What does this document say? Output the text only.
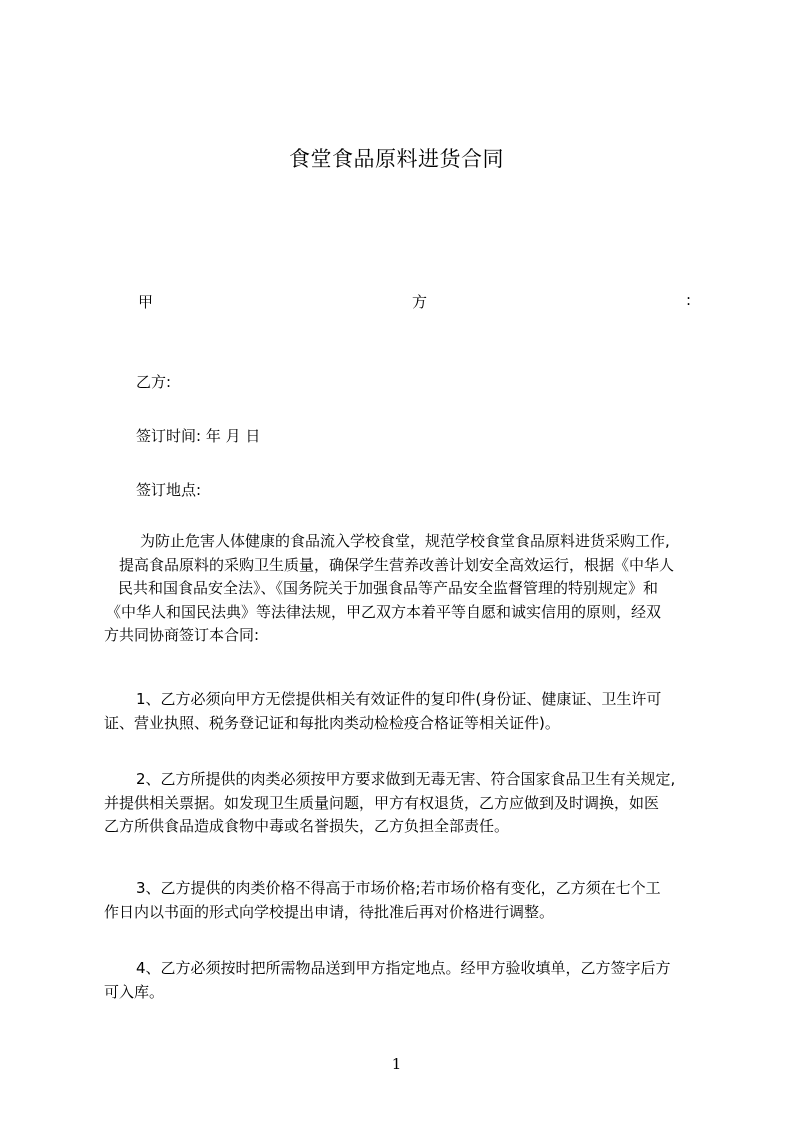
食堂食品原料进货合同
甲	方	:
乙方:
签订时间: 年 月 日
签订地点:
为防止危害人体健康的食品流入学校食堂，规范学校食堂食品原料进货采购工作,
提高食品原料的采购卫生质量，确保学生营养改善计划安全高效运行，根据《中华人
民共和国食品安全法》、《国务院关于加强食品等产品安全监督管理的特别规定》和
《中华人和国民法典》等法律法规，甲乙双方本着平等自愿和诚实信用的原则，经双
方共同协商签订本合同:
1、乙方必须向甲方无偿提供相关有效证件的复印件(身份证、健康证、卫生许可
证、营业执照、税务登记证和每批肉类动检检疫合格证等相关证件)。
2、乙方所提供的肉类必须按甲方要求做到无毒无害、符合国家食品卫生有关规定,
并提供相关票据。如发现卫生质量问题，甲方有权退货，乙方应做到及时调换，如医
乙方所供食品造成食物中毒或名誉损失，乙方负担全部责任。
3、乙方提供的肉类价格不得高于市场价格;若市场价格有变化，乙方须在七个工
作日内以书面的形式向学校提出申请，待批准后再对价格进行调整。
4、乙方必须按时把所需物品送到甲方指定地点。经甲方验收填单，乙方签字后方
可入库。
1
